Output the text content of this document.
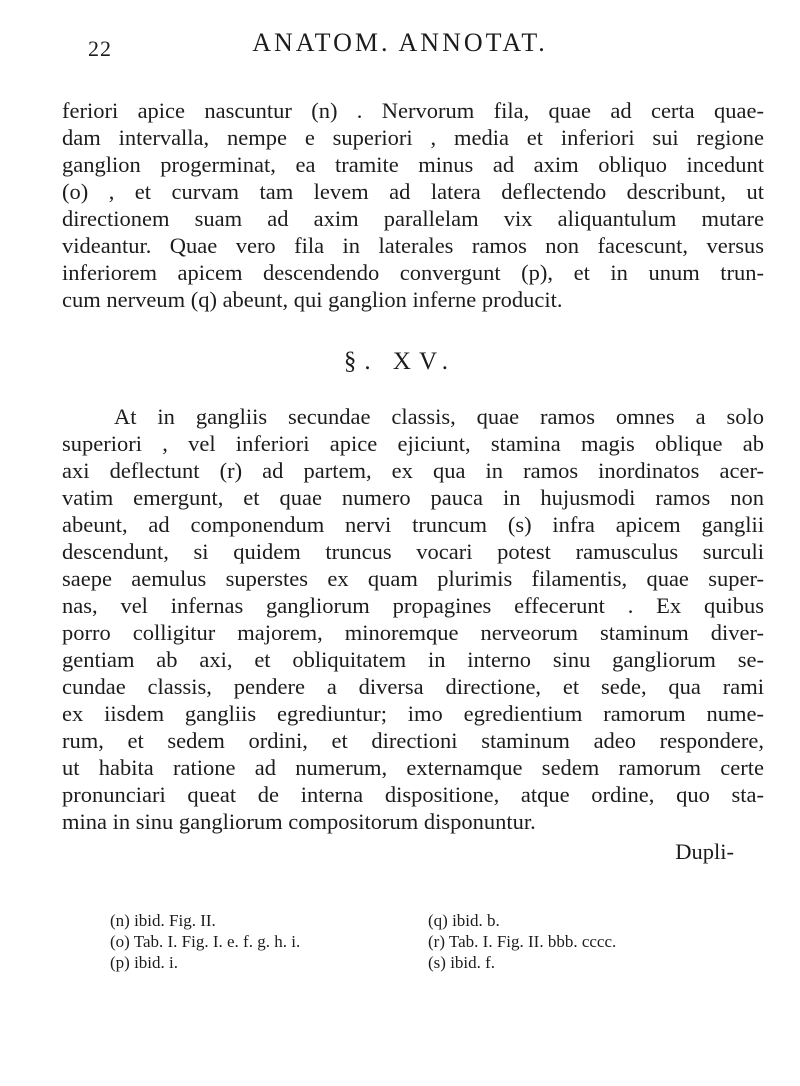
22	ANATOM. ANNOTAT.
feriori apice nascuntur (n) . Nervorum fila, quae ad certa quae-
dam intervalla, nempe e superiori , media et inferiori sui regione
ganglion progerminat, ea tramite minus ad axim obliquo incedunt
(o) , et curvam tam levem ad latera deflectendo describunt, ut
directionem suam ad axim parallelam vix aliquantulum mutare
videantur. Quae vero fila in laterales ramos non facescunt, versus
inferiorem apicem descendendo convergunt (p), et in unum trun-
cum nerveum (q) abeunt, qui ganglion inferne producit.
§. XV.
At in gangliis secundae classis, quae ramos omnes a solo
superiori , vel inferiori apice ejiciunt, stamina magis oblique ab
axi deflectunt (r) ad partem, ex qua in ramos inordinatos acer-
vatim emergunt, et quae numero pauca in hujusmodi ramos non
abeunt, ad componendum nervi truncum (s) infra apicem ganglii
descendunt, si quidem truncus vocari potest ramusculus surculi
saepe aemulus superstes ex quam plurimis filamentis, quae super-
nas, vel infernas gangliorum propagines effecerunt . Ex quibus
porro colligitur majorem, minoremque nerveorum staminum diver-
gentiam ab axi, et obliquitatem in interno sinu gangliorum se-
cundae classis, pendere a diversa directione, et sede, qua rami
ex iisdem gangliis egrediuntur; imo egredientium ramorum nume-
rum, et sedem ordini, et directioni staminum adeo respondere,
ut habita ratione ad numerum, externamque sedem ramorum certe
pronunciari queat de interna dispositione, atque ordine, quo sta-
mina in sinu gangliorum compositorum disponuntur.
Dupli-
(n) ibid. Fig. II.
(o) Tab. I. Fig. I. e. f. g. h. i.
(p) ibid. i.
(q) ibid. b.
(r) Tab. I. Fig. II. bbb. cccc.
(s) ibid. f.
